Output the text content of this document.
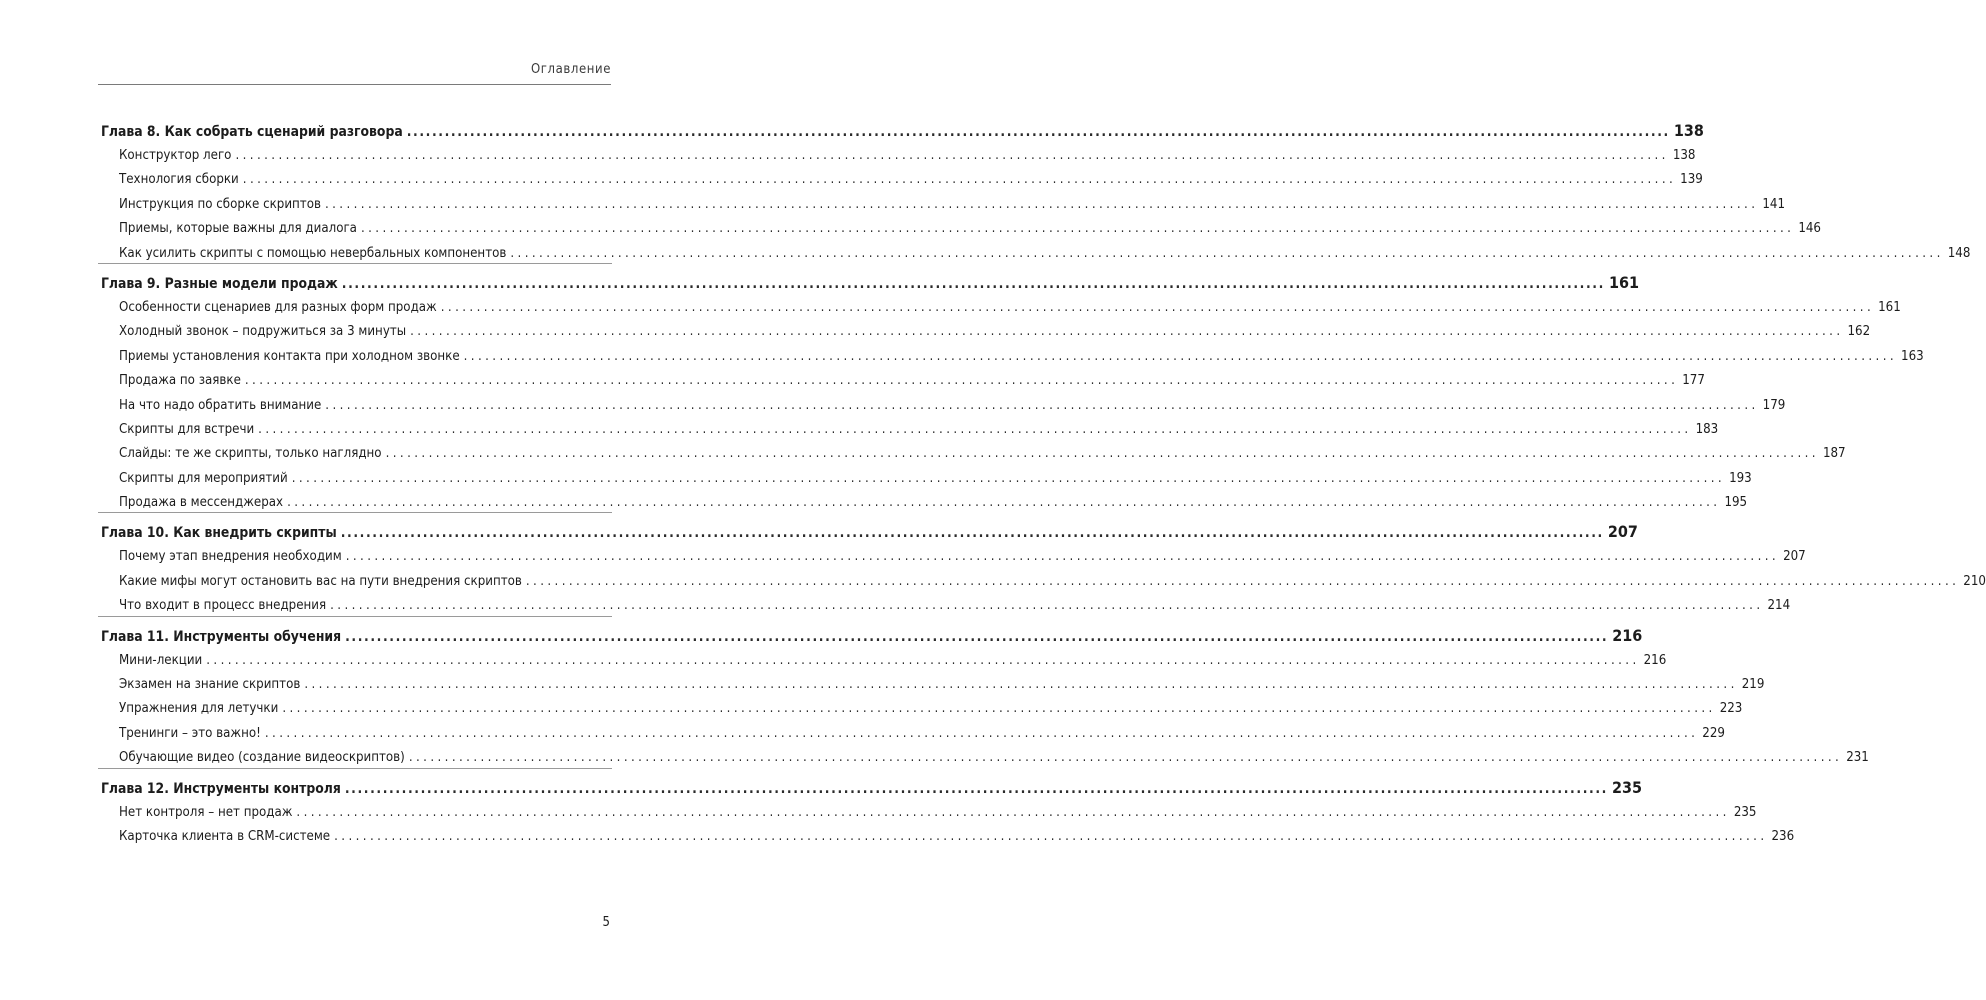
Оглавление
Глава 8. Как собрать сценарий разговора ........................................................................................................................................................................................................ 138
Конструктор лего ........................................................................................................................................................................................................ 138
Технология сборки ........................................................................................................................................................................................................ 139
Инструкция по сборке скриптов ........................................................................................................................................................................................................ 141
Приемы, которые важны для диалога ........................................................................................................................................................................................................ 146
Как усилить скрипты с помощью невербальных компонентов ........................................................................................................................................................................................................ 148
Глава 9. Разные модели продаж ........................................................................................................................................................................................................ 161
Особенности сценариев для разных форм продаж ........................................................................................................................................................................................................ 161
Холодный звонок – подружиться за 3 минуты ........................................................................................................................................................................................................ 162
Приемы установления контакта при холодном звонке ........................................................................................................................................................................................................ 163
Продажа по заявке ........................................................................................................................................................................................................ 177
На что надо обратить внимание ........................................................................................................................................................................................................ 179
Скрипты для встречи ........................................................................................................................................................................................................ 183
Слайды: те же скрипты, только наглядно ........................................................................................................................................................................................................ 187
Скрипты для мероприятий ........................................................................................................................................................................................................ 193
Продажа в мессенджерах ........................................................................................................................................................................................................ 195
Глава 10. Как внедрить скрипты ........................................................................................................................................................................................................ 207
Почему этап внедрения необходим ........................................................................................................................................................................................................ 207
Какие мифы могут остановить вас на пути внедрения скриптов ........................................................................................................................................................................................................ 210
Что входит в процесс внедрения ........................................................................................................................................................................................................ 214
Глава 11. Инструменты обучения ........................................................................................................................................................................................................ 216
Мини-лекции ........................................................................................................................................................................................................ 216
Экзамен на знание скриптов ........................................................................................................................................................................................................ 219
Упражнения для летучки ........................................................................................................................................................................................................ 223
Тренинги – это важно! ........................................................................................................................................................................................................ 229
Обучающие видео (создание видеоскриптов) ........................................................................................................................................................................................................ 231
Глава 12. Инструменты контроля ........................................................................................................................................................................................................ 235
Нет контроля – нет продаж ........................................................................................................................................................................................................ 235
Карточка клиента в CRM-системе ........................................................................................................................................................................................................ 236
5
